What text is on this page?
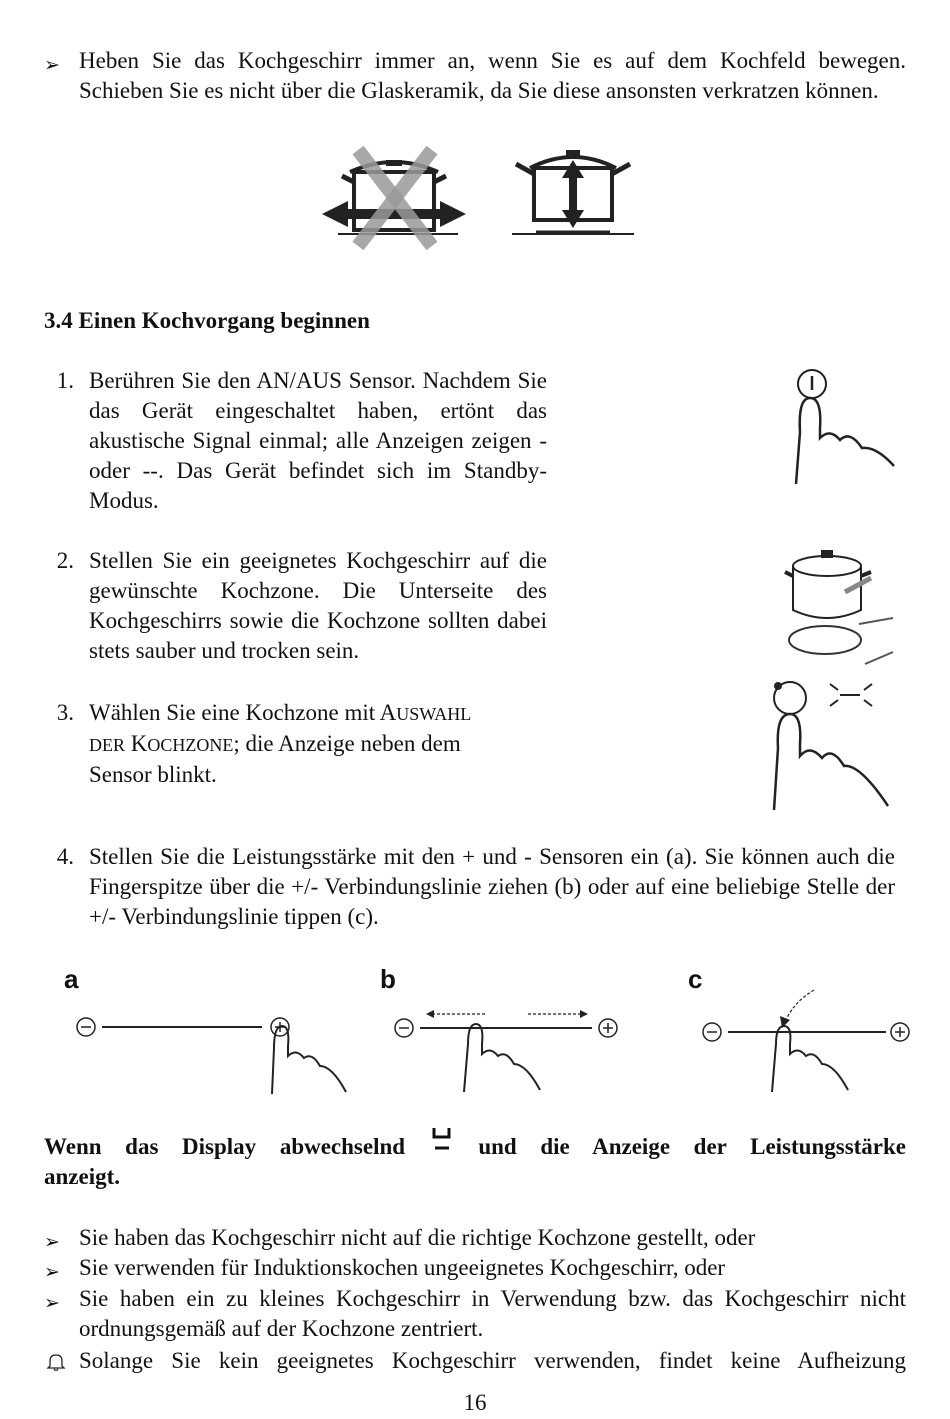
➢ Heben Sie das Kochgeschirr immer an, wenn Sie es auf dem Kochfeld bewegen. Schieben Sie es nicht über die Glaskeramik, da Sie diese ansonsten verkratzen können.
3.4 Einen Kochvorgang beginnen
1. Berühren Sie den AN/AUS Sensor. Nachdem Sie das Gerät eingeschaltet haben, ertönt das akustische Signal einmal; alle Anzeigen zeigen - oder --. Das Gerät befindet sich im Standby-Modus.
2. Stellen Sie ein geeignetes Kochgeschirr auf die gewünschte Kochzone. Die Unterseite des Kochgeschirrs sowie die Kochzone sollten dabei stets sauber und trocken sein.
3. Wählen Sie eine Kochzone mit AUSWAHL
DER KOCHZONE; die Anzeige neben dem Sensor blinkt.
4. Stellen Sie die Leistungsstärke mit den + und - Sensoren ein (a). Sie können auch die Fingerspitze über die +/- Verbindungslinie ziehen (b) oder auf eine beliebige Stelle der +/- Verbindungslinie tippen (c).
a	b	c
Wenn das Display abwechselnd	und die Anzeige der Leistungsstärke
anzeigt.
➢ Sie haben das Kochgeschirr nicht auf die richtige Kochzone gestellt, oder
➢ Sie verwenden für Induktionskochen ungeeignetes Kochgeschirr, oder
➢ Sie haben ein zu kleines Kochgeschirr in Verwendung bzw. das Kochgeschirr nicht ordnungsgemäß auf der Kochzone zentriert.
Solange Sie kein geeignetes Kochgeschirr verwenden, findet keine Aufheizung
16
